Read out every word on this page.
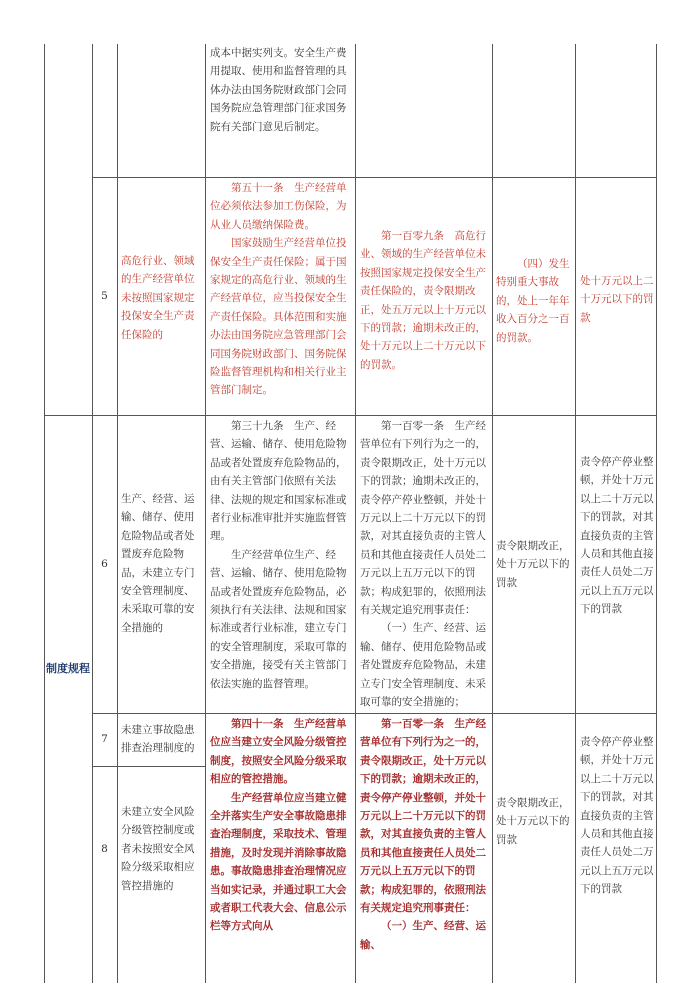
成本中据实列支。安全生产费用提取、使用和监督管理的具体办法由国务院财政部门会同国务院应急管理部门征求国务院有关部门意见后制定。

5

高危行业、领域的生产经营单位未按照国家规定投保安全生产责任保险的

第五十一条　生产经营单位必须依法参加工伤保险，为从业人员缴纳保险费。

国家鼓励生产经营单位投保安全生产责任保险；属于国家规定的高危行业、领域的生产经营单位，应当投保安全生产责任保险。具体范围和实施办法由国务院应急管理部门会同国务院财政部门、国务院保险监督管理机构和相关行业主管部门制定。

第一百零九条　高危行业、领域的生产经营单位未按照国家规定投保安全生产责任保险的，责令限期改正，处五万元以上十万元以下的罚款；逾期未改正的，处十万元以上二十万元以下的罚款。

（四）发生特别重大事故的，处上一年年收入百分之一百的罚款。

处十万元以上二十万元以下的罚款

制度规程

6

生产、经营、运输、储存、使用危险物品或者处置废弃危险物品，未建立专门安全管理制度、未采取可靠的安全措施的

第三十九条　生产、经营、运输、储存、使用危险物品或者处置废弃危险物品的，由有关主管部门依照有关法律、法规的规定和国家标准或者行业标准审批并实施监督管理。

生产经营单位生产、经营、运输、储存、使用危险物品或者处置废弃危险物品，必须执行有关法律、法规和国家标准或者行业标准，建立专门的安全管理制度，采取可靠的安全措施，接受有关主管部门依法实施的监督管理。

第一百零一条　生产经营单位有下列行为之一的，责令限期改正，处十万元以下的罚款；逾期未改正的，责令停产停业整顿，并处十万元以上二十万元以下的罚款，对其直接负责的主管人员和其他直接责任人员处二万元以上五万元以下的罚款；构成犯罪的，依照刑法有关规定追究刑事责任：

（一）生产、经营、运输、储存、使用危险物品或者处置废弃危险物品，未建立专门安全管理制度、未采取可靠的安全措施的；

责令限期改正，处十万元以下的罚款

责令停产停业整顿，并处十万元以上二十万元以下的罚款，对其直接负责的主管人员和其他直接责任人员处二万元以上五万元以下的罚款

7

未建立事故隐患排查治理制度的

8

未建立安全风险分级管控制度或者未按照安全风险分级采取相应管控措施的

第四十一条　生产经营单位应当建立安全风险分级管控制度，按照安全风险分级采取相应的管控措施。

生产经营单位应当建立健全并落实生产安全事故隐患排查治理制度，采取技术、管理措施，及时发现并消除事故隐患。事故隐患排查治理情况应当如实记录，并通过职工大会或者职工代表大会、信息公示栏等方式向从

第一百零一条　生产经营单位有下列行为之一的，责令限期改正，处十万元以下的罚款；逾期未改正的，责令停产停业整顿，并处十万元以上二十万元以下的罚款，对其直接负责的主管人员和其他直接责任人员处二万元以上五万元以下的罚款；构成犯罪的，依照刑法有关规定追究刑事责任：

（一）生产、经营、运输、

责令限期改正，处十万元以下的罚款

责令停产停业整顿，并处十万元以上二十万元以下的罚款，对其直接负责的主管人员和其他直接责任人员处二万元以上五万元以下的罚款
